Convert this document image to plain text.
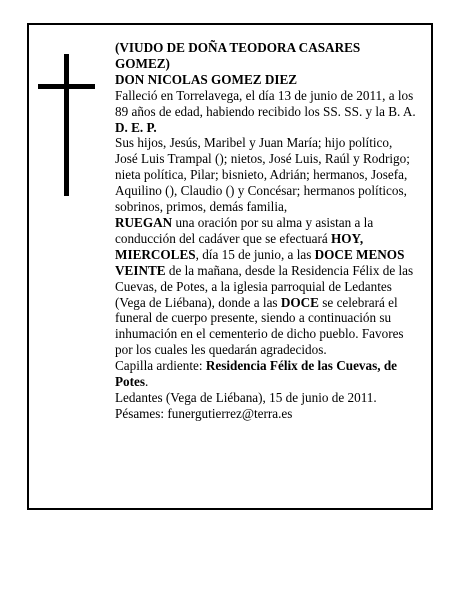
(VIUDO DE DOÑA TEODORA CASARES GOMEZ)

DON NICOLAS GOMEZ DIEZ

Falleció en Torrelavega, el día 13 de junio de 2011, a los 89 años de edad, habiendo recibido los SS. SS. y la B. A.

D. E. P.

Sus hijos, Jesús, Maribel y Juan María; hijo político, José Luis Trampal (); nietos, José Luis, Raúl y Rodrigo; nieta política, Pilar; bisnieto, Adrián; hermanos, Josefa, Aquilino (), Claudio () y Concésar; hermanos políticos, sobrinos, primos, demás familia,

RUEGAN una oración por su alma y asistan a la conducción del cadáver que se efectuará HOY, MIERCOLES, día 15 de junio, a las DOCE MENOS VEINTE de la mañana, desde la Residencia Félix de las Cuevas, de Potes, a la iglesia parroquial de Ledantes (Vega de Liébana), donde a las DOCE se celebrará el funeral de cuerpo presente, siendo a continuación su inhumación en el cementerio de dicho pueblo. Favores por los cuales les quedarán agradecidos.

Capilla ardiente: Residencia Félix de las Cuevas, de Potes.

Ledantes (Vega de Liébana), 15 de junio de 2011.

Pésames: funergutierrez@terra.es
